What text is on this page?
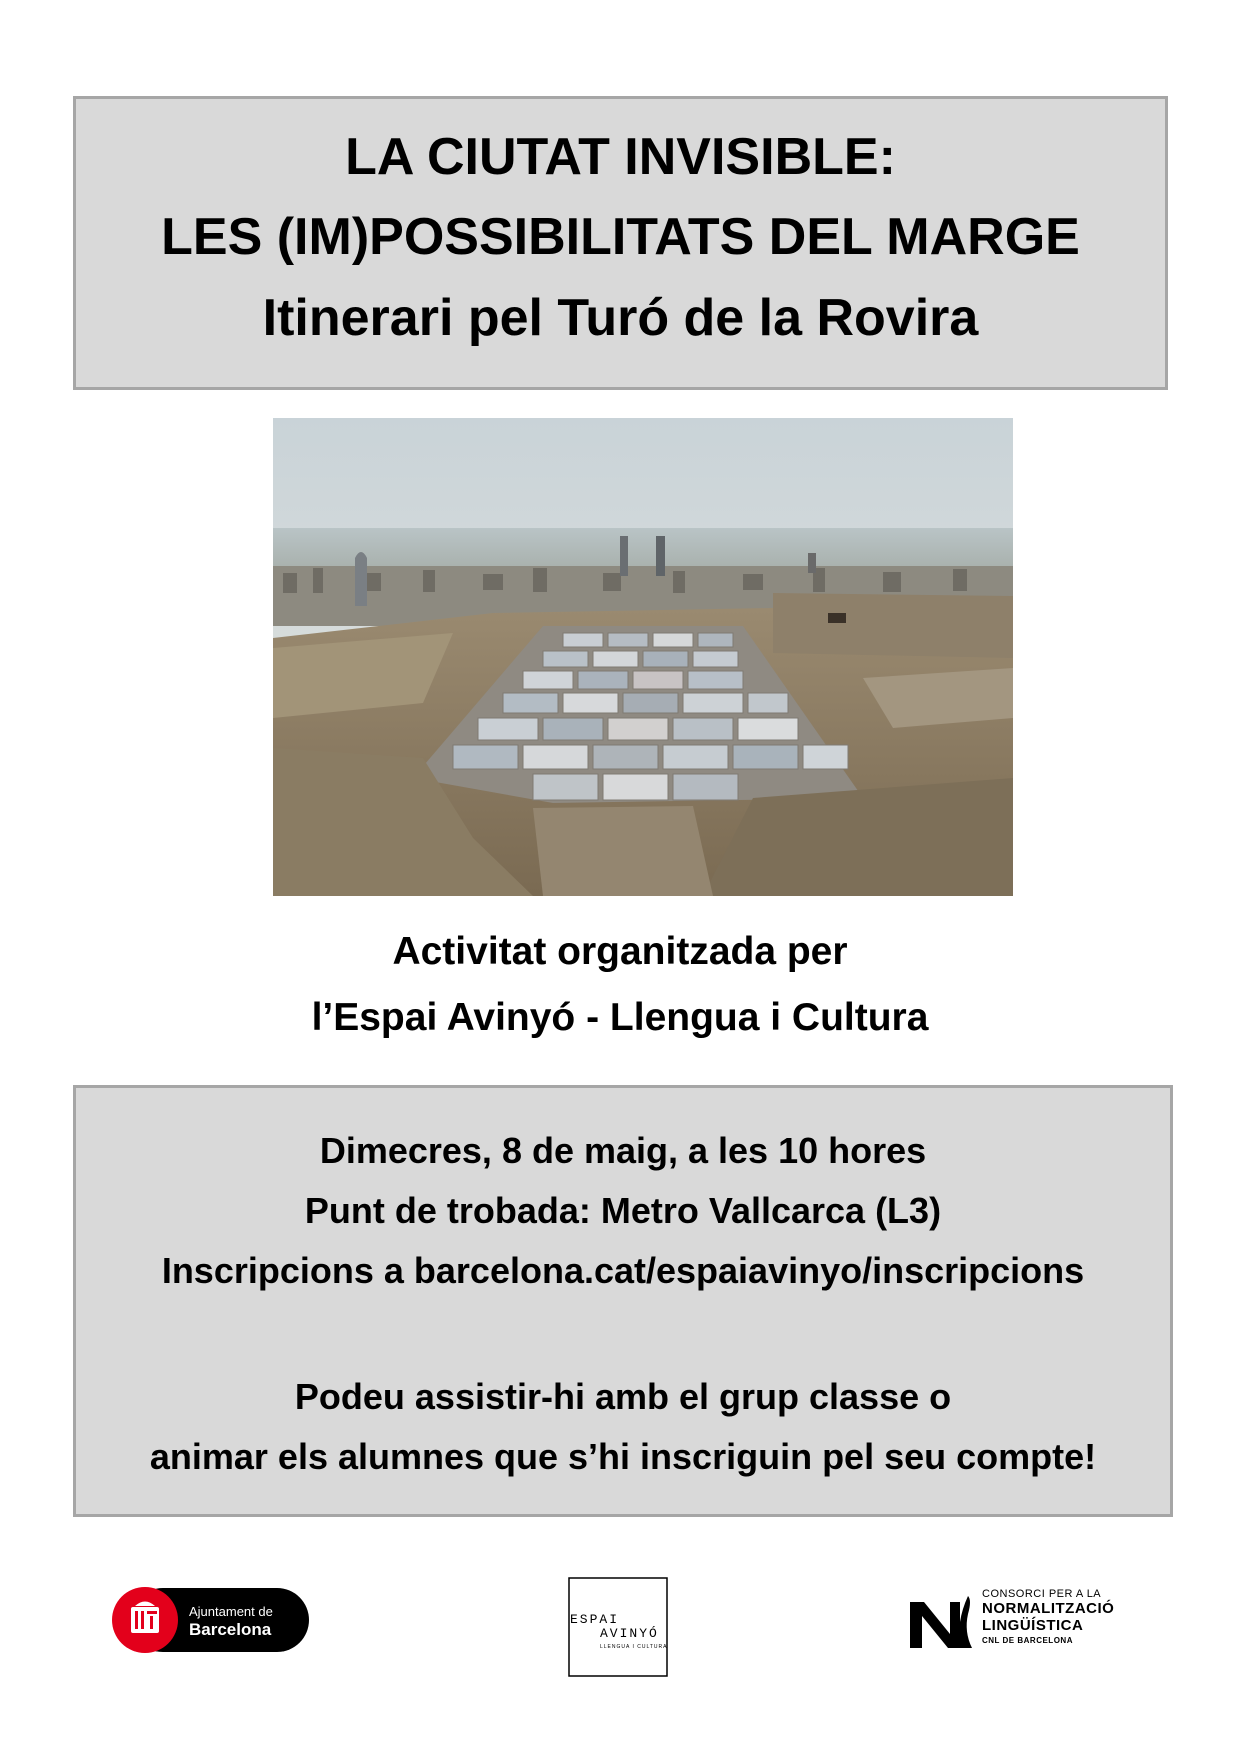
LA CIUTAT INVISIBLE:
LES (IM)POSSIBILITATS DEL MARGE
Itinerari pel Turó de la Rovira
Activitat organitzada per
l’Espai Avinyó - Llengua i Cultura
Dimecres, 8 de maig, a les 10 hores
Punt de trobada: Metro Vallcarca (L3)
Inscripcions a barcelona.cat/espaiavinyo/inscripcions
Podeu assistir-hi amb el grup classe o
animar els alumnes que s’hi inscriguin pel seu compte!
Ajuntament de
Barcelona
ESPAI
AVINYÓ
LLENGUA I CULTURA
CONSORCI PER A LA
NORMALITZACIÓ
LINGÜÍSTICA
CNL DE BARCELONA
